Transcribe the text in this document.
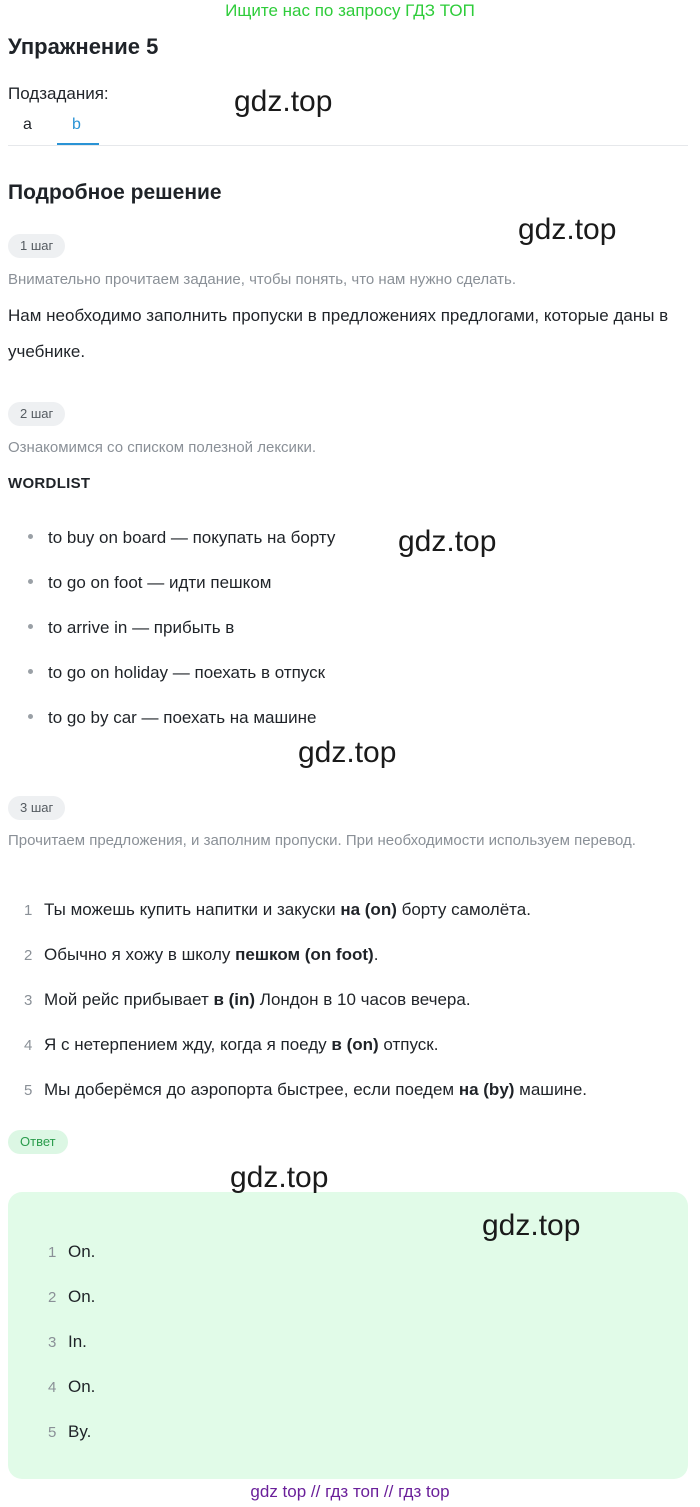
Ищите нас по запросу ГДЗ ТОП
Упражнение 5
Подзадания:
a	b
Подробное решение
1 шаг
Внимательно прочитаем задание, чтобы понять, что нам нужно сделать.
Нам необходимо заполнить пропуски в предложениях предлогами, которые даны в учебнике.
2 шаг
Ознакомимся со списком полезной лексики.
WORDLIST
to buy on board — покупать на борту
to go on foot — идти пешком
to arrive in — прибыть в
to go on holiday — поехать в отпуск
to go by car — поехать на машине
3 шаг
Прочитаем предложения, и заполним пропуски. При необходимости используем перевод.
1 Ты можешь купить напитки и закуски на (on) борту самолёта.
2 Обычно я хожу в школу пешком (on foot).
3 Мой рейс прибывает в (in) Лондон в 10 часов вечера.
4 Я с нетерпением жду, когда я поеду в (on) отпуск.
5 Мы доберёмся до аэропорта быстрее, если поедем на (by) машине.
Ответ
1 On.
2 On.
3 In.
4 On.
5 By.
gdz.top
gdz.top
gdz.top
gdz.top
gdz.top
gdz.top
gdz top // гдз топ // гдз top
